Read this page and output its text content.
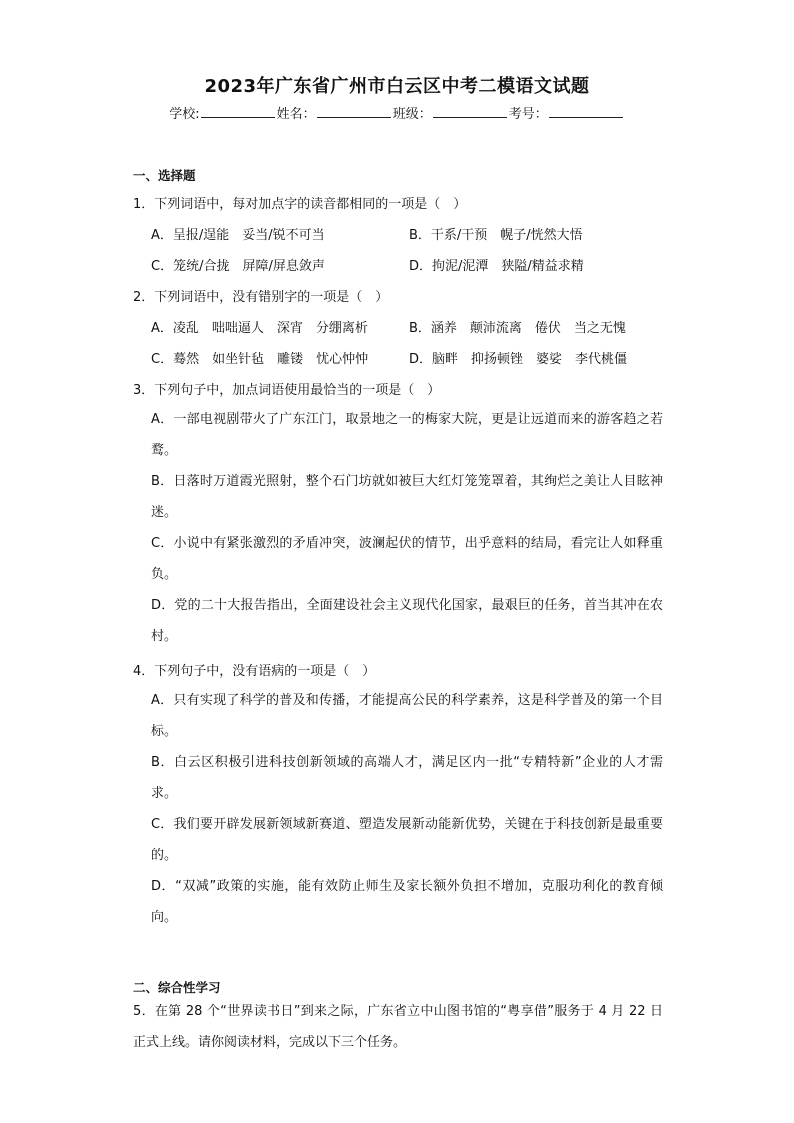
2023年广东省广州市白云区中考二模语文试题
学校:	姓名：	班级：	考号：
一、选择题
1．下列词语中，每对加点字的读音都相同的一项是（　）
A．呈报/逞能　妥当/锐不可当	B．干系/干预　幌子/恍然大悟
C．笼统/合拢　屏障/屏息敛声	D．拘泥/泥潭　狭隘/精益求精
2．下列词语中，没有错别字的一项是（　）
A．凌乱　咄咄逼人　深宵　分绷离析	B．涵养　颠沛流离　倦伏　当之无愧
C．蓦然　如坐针毡　雕镂　忧心忡忡	D．脑畔　抑扬顿锉　婆娑　李代桃僵
3．下列句子中，加点词语使用最恰当的一项是（　）
A．一部电视剧带火了广东江门，取景地之一的梅家大院，更是让远道而来的游客趋之若鹜。
B．日落时万道霞光照射，整个石门坊就如被巨大红灯笼笼罩着，其绚烂之美让人目眩神迷。
C．小说中有紧张激烈的矛盾冲突，波澜起伏的情节，出乎意料的结局，看完让人如释重负。
D．党的二十大报告指出，全面建设社会主义现代化国家，最艰巨的任务，首当其冲在农村。
4．下列句子中，没有语病的一项是（　）
A．只有实现了科学的普及和传播，才能提高公民的科学素养，这是科学普及的第一个目标。
B．白云区积极引进科技创新领域的高端人才，满足区内一批“专精特新”企业的人才需求。
C．我们要开辟发展新领域新赛道、塑造发展新动能新优势，关键在于科技创新是最重要的。
D．“双减”政策的实施，能有效防止师生及家长额外负担不增加，克服功利化的教育倾向。
二、综合性学习
5．在第 28 个“世界读书日”到来之际，广东省立中山图书馆的“粤享借”服务于 4 月 22 日正式上线。请你阅读材料，完成以下三个任务。
